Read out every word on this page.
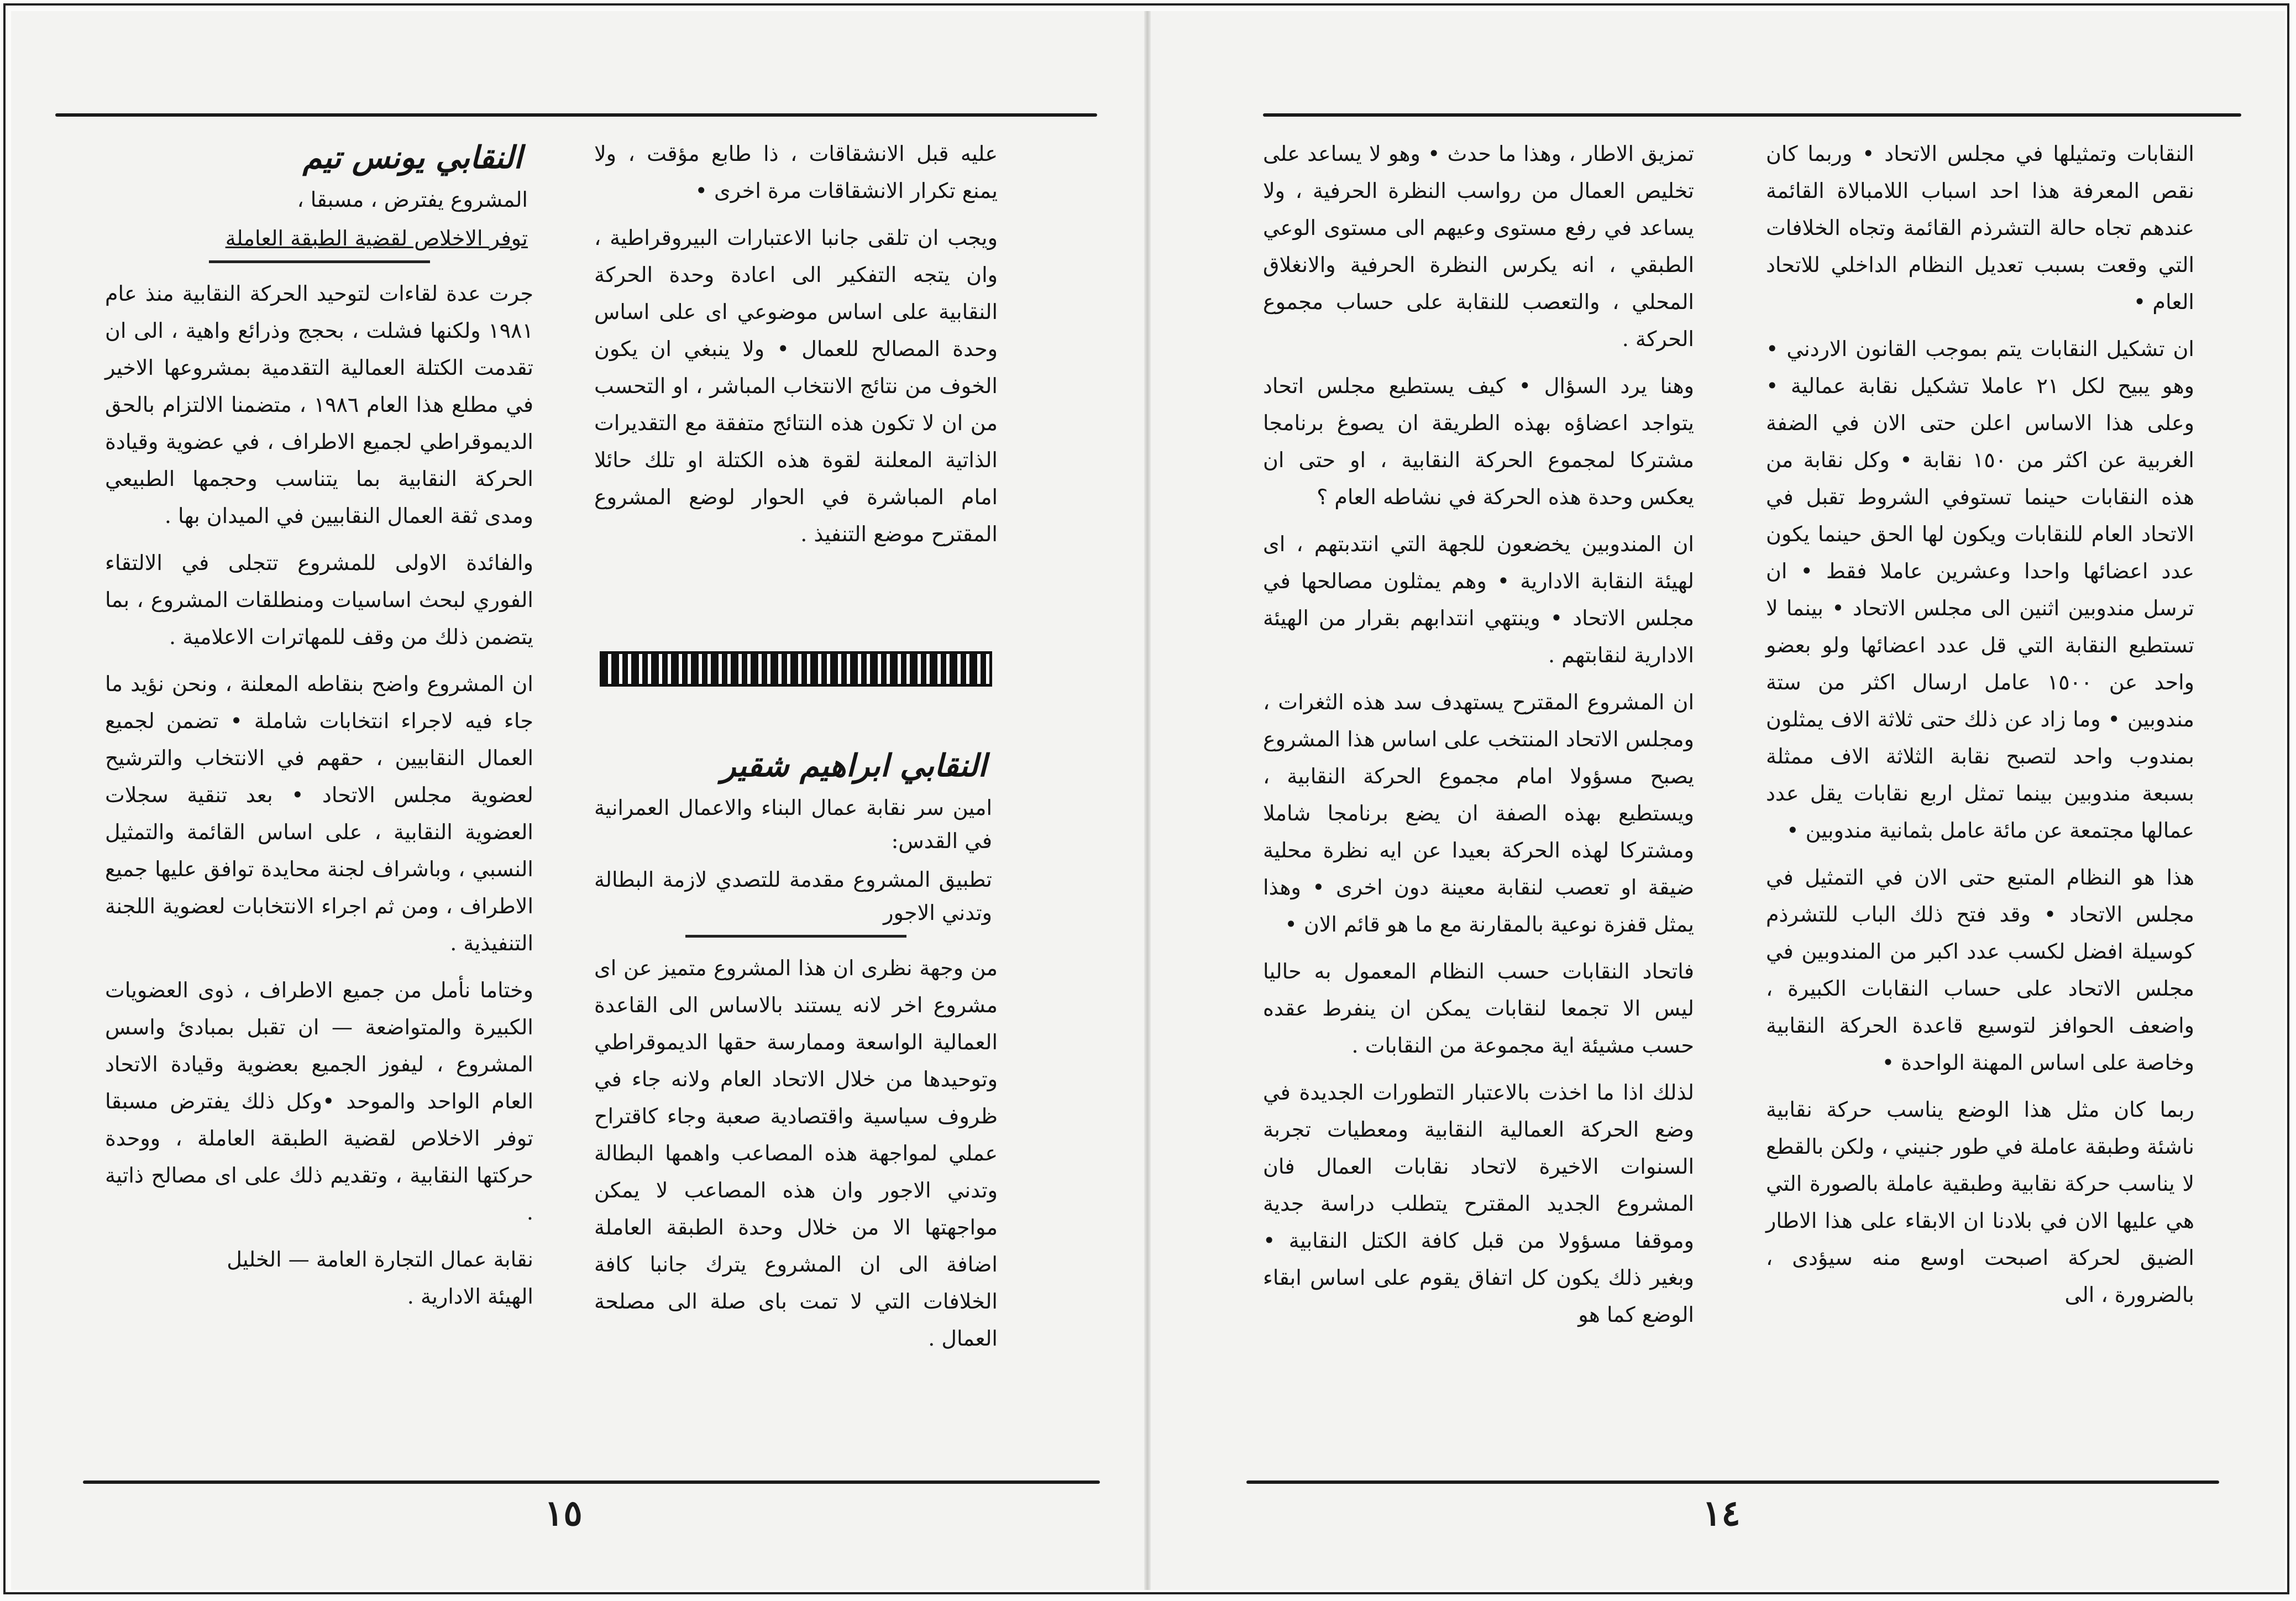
النقابي يونس تيم
المشروع يفترض ، مسبقا ،
توفر الاخلاص لقضية الطبقة العاملة

جرت عدة لقاءات لتوحيد الحركة النقابية منذ عام ١٩٨١ ولكنها فشلت ، بحجج وذرائع واهية ، الى ان تقدمت الكتلة العمالية التقدمية بمشروعها الاخير في مطلع هذا العام ١٩٨٦ ، متضمنا الالتزام بالحق الديموقراطي لجميع الاطراف ، في عضوية وقيادة الحركة النقابية بما يتناسب وحجمها الطبيعي ومدى ثقة العمال النقابيين في الميدان بها .

والفائدة الاولى للمشروع تتجلى في الالتقاء الفوري لبحث اساسيات ومنطلقات المشروع ، بما يتضمن ذلك من وقف للمهاترات الاعلامية .

ان المشروع واضح بنقاطه المعلنة ، ونحن نؤيد ما جاء فيه لاجراء انتخابات شاملة • تضمن لجميع العمال النقابيين ، حقهم في الانتخاب والترشيح لعضوية مجلس الاتحاد • بعد تنقية سجلات العضوية النقابية ، على اساس القائمة والتمثيل النسبي ، وباشراف لجنة محايدة توافق عليها جميع الاطراف ، ومن ثم اجراء الانتخابات لعضوية اللجنة التنفيذية .

وختاما نأمل من جميع الاطراف ، ذوى العضويات الكبيرة والمتواضعة — ان تقبل بمبادئ واسس المشروع ، ليفوز الجميع بعضوية وقيادة الاتحاد العام الواحد والموحد •وكل ذلك يفترض مسبقا توفر الاخلاص لقضية الطبقة العاملة ، ووحدة حركتها النقابية ، وتقديم ذلك على اى مصالح ذاتية .

نقابة عمال التجارة العامة — الخليل

الهيئة الادارية .

عليه قبل الانشقاقات ، ذا طابع مؤقت ، ولا يمنع تكرار الانشقاقات مرة اخرى •

ويجب ان تلقى جانبا الاعتبارات البيروقراطية ، وان يتجه التفكير الى اعادة وحدة الحركة النقابية على اساس موضوعي اى على اساس وحدة المصالح للعمال • ولا ينبغي ان يكون الخوف من نتائج الانتخاب المباشر ، او التحسب من ان لا تكون هذه النتائج متفقة مع التقديرات الذاتية المعلنة لقوة هذه الكتلة او تلك حائلا امام المباشرة في الحوار لوضع المشروع المقترح موضع التنفيذ .

النقابي ابراهيم شقير
امين سر نقابة عمال البناء والاعمال العمرانية في القدس:
تطبيق المشروع مقدمة للتصدي لازمة البطالة وتدني الاجور

من وجهة نظرى ان هذا المشروع متميز عن اى مشروع اخر لانه يستند بالاساس الى القاعدة العمالية الواسعة وممارسة حقها الديموقراطي وتوحيدها من خلال الاتحاد العام ولانه جاء في ظروف سياسية واقتصادية صعبة وجاء كاقتراح عملي لمواجهة هذه المصاعب واهمها البطالة وتدني الاجور وان هذه المصاعب لا يمكن مواجهتها الا من خلال وحدة الطبقة العاملة اضافة الى ان المشروع يترك جانبا كافة الخلافات التي لا تمت باى صلة الى مصلحة العمال .

تمزيق الاطار ، وهذا ما حدث • وهو لا يساعد على تخليص العمال من رواسب النظرة الحرفية ، ولا يساعد في رفع مستوى وعيهم الى مستوى الوعي الطبقي ، انه يكرس النظرة الحرفية والانغلاق المحلي ، والتعصب للنقابة على حساب مجموع الحركة .

وهنا يرد السؤال • كيف يستطيع مجلس اتحاد يتواجد اعضاؤه بهذه الطريقة ان يصوغ برنامجا مشتركا لمجموع الحركة النقابية ، او حتى ان يعكس وحدة هذه الحركة في نشاطه العام ؟

ان المندوبين يخضعون للجهة التي انتدبتهم ، اى لهيئة النقابة الادارية • وهم يمثلون مصالحها في مجلس الاتحاد • وينتهي انتدابهم بقرار من الهيئة الادارية لنقابتهم .

ان المشروع المقترح يستهدف سد هذه الثغرات ، ومجلس الاتحاد المنتخب على اساس هذا المشروع يصبح مسؤولا امام مجموع الحركة النقابية ، ويستطيع بهذه الصفة ان يضع برنامجا شاملا ومشتركا لهذه الحركة بعيدا عن ايه نظرة محلية ضيقة او تعصب لنقابة معينة دون اخرى • وهذا يمثل قفزة نوعية بالمقارنة مع ما هو قائم الان •

فاتحاد النقابات حسب النظام المعمول به حاليا ليس الا تجمعا لنقابات يمكن ان ينفرط عقده حسب مشيئة اية مجموعة من النقابات .

لذلك اذا ما اخذت بالاعتبار التطورات الجديدة في وضع الحركة العمالية النقابية ومعطيات تجربة السنوات الاخيرة لاتحاد نقابات العمال فان المشروع الجديد المقترح يتطلب دراسة جدية وموقفا مسؤولا من قبل كافة الكتل النقابية • وبغير ذلك يكون كل اتفاق يقوم على اساس ابقاء الوضع كما هو

النقابات وتمثيلها في مجلس الاتحاد • وربما كان نقص المعرفة هذا احد اسباب اللامبالاة القائمة عندهم تجاه حالة التشرذم القائمة وتجاه الخلافات التي وقعت بسبب تعديل النظام الداخلي للاتحاد العام •

ان تشكيل النقابات يتم بموجب القانون الاردني • وهو يبيح لكل ٢١ عاملا تشكيل نقابة عمالية • وعلى هذا الاساس اعلن حتى الان في الضفة الغربية عن اكثر من ١٥٠ نقابة • وكل نقابة من هذه النقابات حينما تستوفي الشروط تقبل في الاتحاد العام للنقابات ويكون لها الحق حينما يكون عدد اعضائها واحدا وعشرين عاملا فقط • ان ترسل مندوبين اثنين الى مجلس الاتحاد • بينما لا تستطيع النقابة التي قل عدد اعضائها ولو بعضو واحد عن ١٥٠٠ عامل ارسال اكثر من ستة مندوبين • وما زاد عن ذلك حتى ثلاثة الاف يمثلون بمندوب واحد لتصبح نقابة الثلاثة الاف ممثلة بسبعة مندوبين بينما تمثل اربع نقابات يقل عدد عمالها مجتمعة عن مائة عامل بثمانية مندوبين •

هذا هو النظام المتبع حتى الان في التمثيل في مجلس الاتحاد • وقد فتح ذلك الباب للتشرذم كوسيلة افضل لكسب عدد اكبر من المندوبين في مجلس الاتحاد على حساب النقابات الكبيرة ، واضعف الحوافز لتوسيع قاعدة الحركة النقابية وخاصة على اساس المهنة الواحدة •

ربما كان مثل هذا الوضع يناسب حركة نقابية ناشئة وطبقة عاملة في طور جنيني ، ولكن بالقطع لا يناسب حركة نقابية وطبقية عاملة بالصورة التي هي عليها الان في بلادنا ان الابقاء على هذا الاطار الضيق لحركة اصبحت اوسع منه سيؤدى ، بالضرورة ، الى

١٥	١٤
